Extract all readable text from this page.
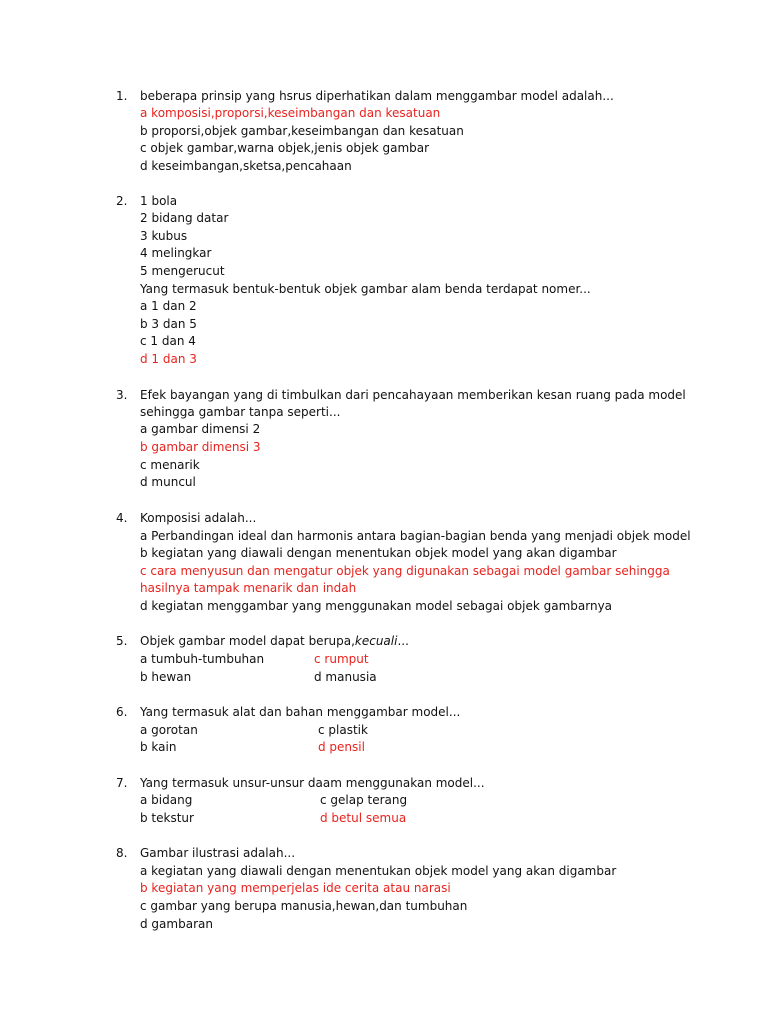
1. beberapa prinsip yang hsrus diperhatikan dalam menggambar model adalah...
a komposisi,proporsi,keseimbangan dan kesatuan
b proporsi,objek gambar,keseimbangan dan kesatuan
c objek gambar,warna objek,jenis objek gambar
d keseimbangan,sketsa,pencahaan
2. 1 bola
2 bidang datar
3 kubus
4 melingkar
5 mengerucut
Yang termasuk bentuk-bentuk objek gambar alam benda terdapat nomer...
a 1 dan 2
b 3 dan 5
c 1 dan 4
d 1 dan 3
3. Efek bayangan yang di timbulkan dari pencahayaan memberikan kesan ruang pada model
sehingga gambar tanpa seperti...
a gambar dimensi 2
b gambar dimensi 3
c menarik
d muncul
4. Komposisi adalah...
a Perbandingan ideal dan harmonis antara bagian-bagian benda yang menjadi objek model
b kegiatan yang diawali dengan menentukan objek model yang akan digambar
c cara menyusun dan mengatur objek yang digunakan sebagai model gambar sehingga
hasilnya tampak menarik dan indah
d kegiatan menggambar yang menggunakan model sebagai objek gambarnya
5. Objek gambar model dapat berupa,kecuali...
a tumbuh-tumbuhan	c rumput
b hewan	d manusia
6. Yang termasuk alat dan bahan menggambar model...
a gorotan	c plastik
b kain	d pensil
7. Yang termasuk unsur-unsur daam menggunakan model...
a bidang	c gelap terang
b tekstur	d betul semua
8. Gambar ilustrasi adalah...
a kegiatan yang diawali dengan menentukan objek model yang akan digambar
b kegiatan yang memperjelas ide cerita atau narasi
c gambar yang berupa manusia,hewan,dan tumbuhan
d gambaran
